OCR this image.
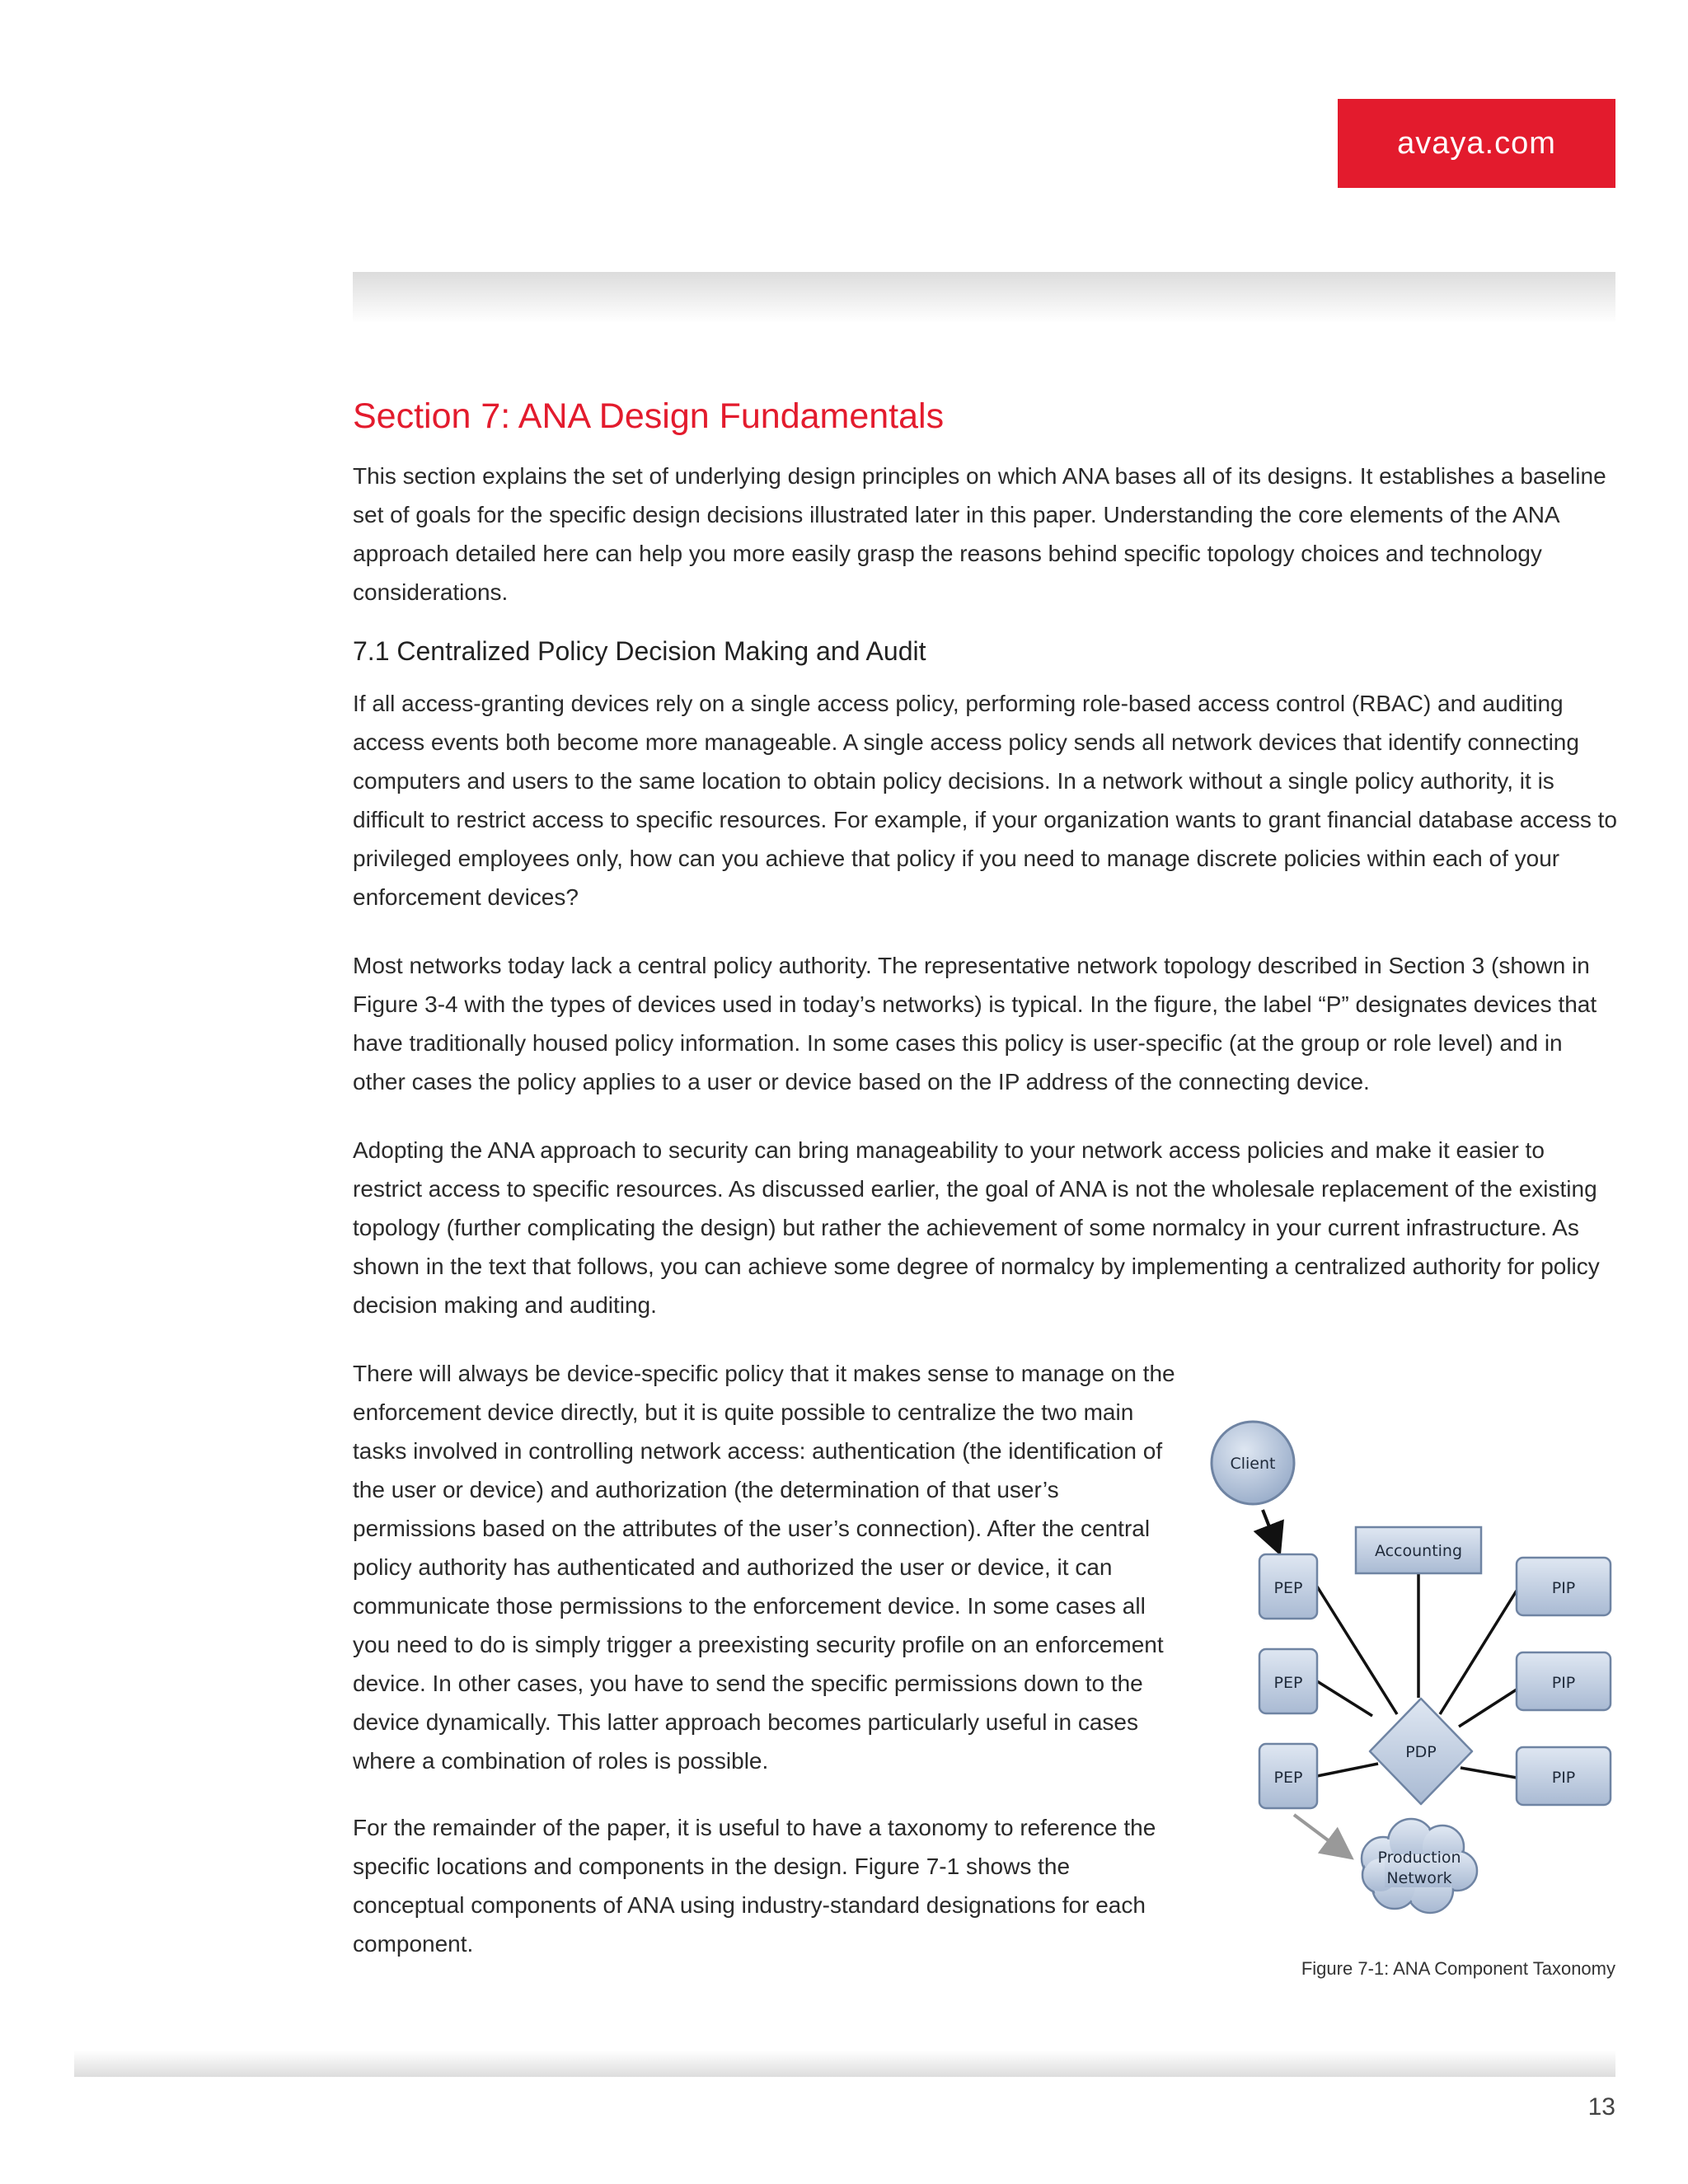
avaya.com
Section 7: ANA Design Fundamentals

This section explains the set of underlying design principles on which ANA bases all of its designs. It establishes a baseline set of goals for the specific design decisions illustrated later in this paper. Understanding the core elements of the ANA approach detailed here can help you more easily grasp the reasons behind specific topology choices and technology considerations.

7.1 Centralized Policy Decision Making and Audit

If all access-granting devices rely on a single access policy, performing role-based access control (RBAC) and auditing access events both become more manageable. A single access policy sends all network devices that identify connecting computers and users to the same location to obtain policy decisions. In a network without a single policy authority, it is difficult to restrict access to specific resources. For example, if your organization wants to grant financial database access to privileged employees only, how can you achieve that policy if you need to manage discrete policies within each of your enforcement devices?

Most networks today lack a central policy authority. The representative network topology described in Section 3 (shown in Figure 3-4 with the types of devices used in today’s networks) is typical. In the figure, the label “P” designates devices that have traditionally housed policy information. In some cases this policy is user-specific (at the group or role level) and in other cases the policy applies to a user or device based on the IP address of the connecting device.

Adopting the ANA approach to security can bring manageability to your network access policies and make it easier to restrict access to specific resources. As discussed earlier, the goal of ANA is not the wholesale replacement of the existing topology (further complicating the design) but rather the achievement of some normalcy in your current infrastructure. As shown in the text that follows, you can achieve some degree of normalcy by implementing a centralized authority for policy decision making and auditing.

There will always be device-specific policy that it makes sense to manage on the enforcement device directly, but it is quite possible to centralize the two main tasks involved in controlling network access: authentication (the identification of the user or device) and authorization (the determination of that user’s permissions based on the attributes of the user’s connection). After the central policy authority has authenticated and authorized the user or device, it can communicate those permissions to the enforcement device. In some cases all you need to do is simply trigger a preexisting security profile on an enforcement device. In other cases, you have to send the specific permissions down to the device dynamically. This latter approach becomes particularly useful in cases where a combination of roles is possible.

For the remainder of the paper, it is useful to have a taxonomy to reference the specific locations and components in the design. Figure 7-1 shows the conceptual components of ANA using industry-standard designations for each component.

Client
Accounting
PEP
PEP
PEP
PIP
PIP
PIP
PDP
Production
Network
Figure 7-1: ANA Component Taxonomy
13
